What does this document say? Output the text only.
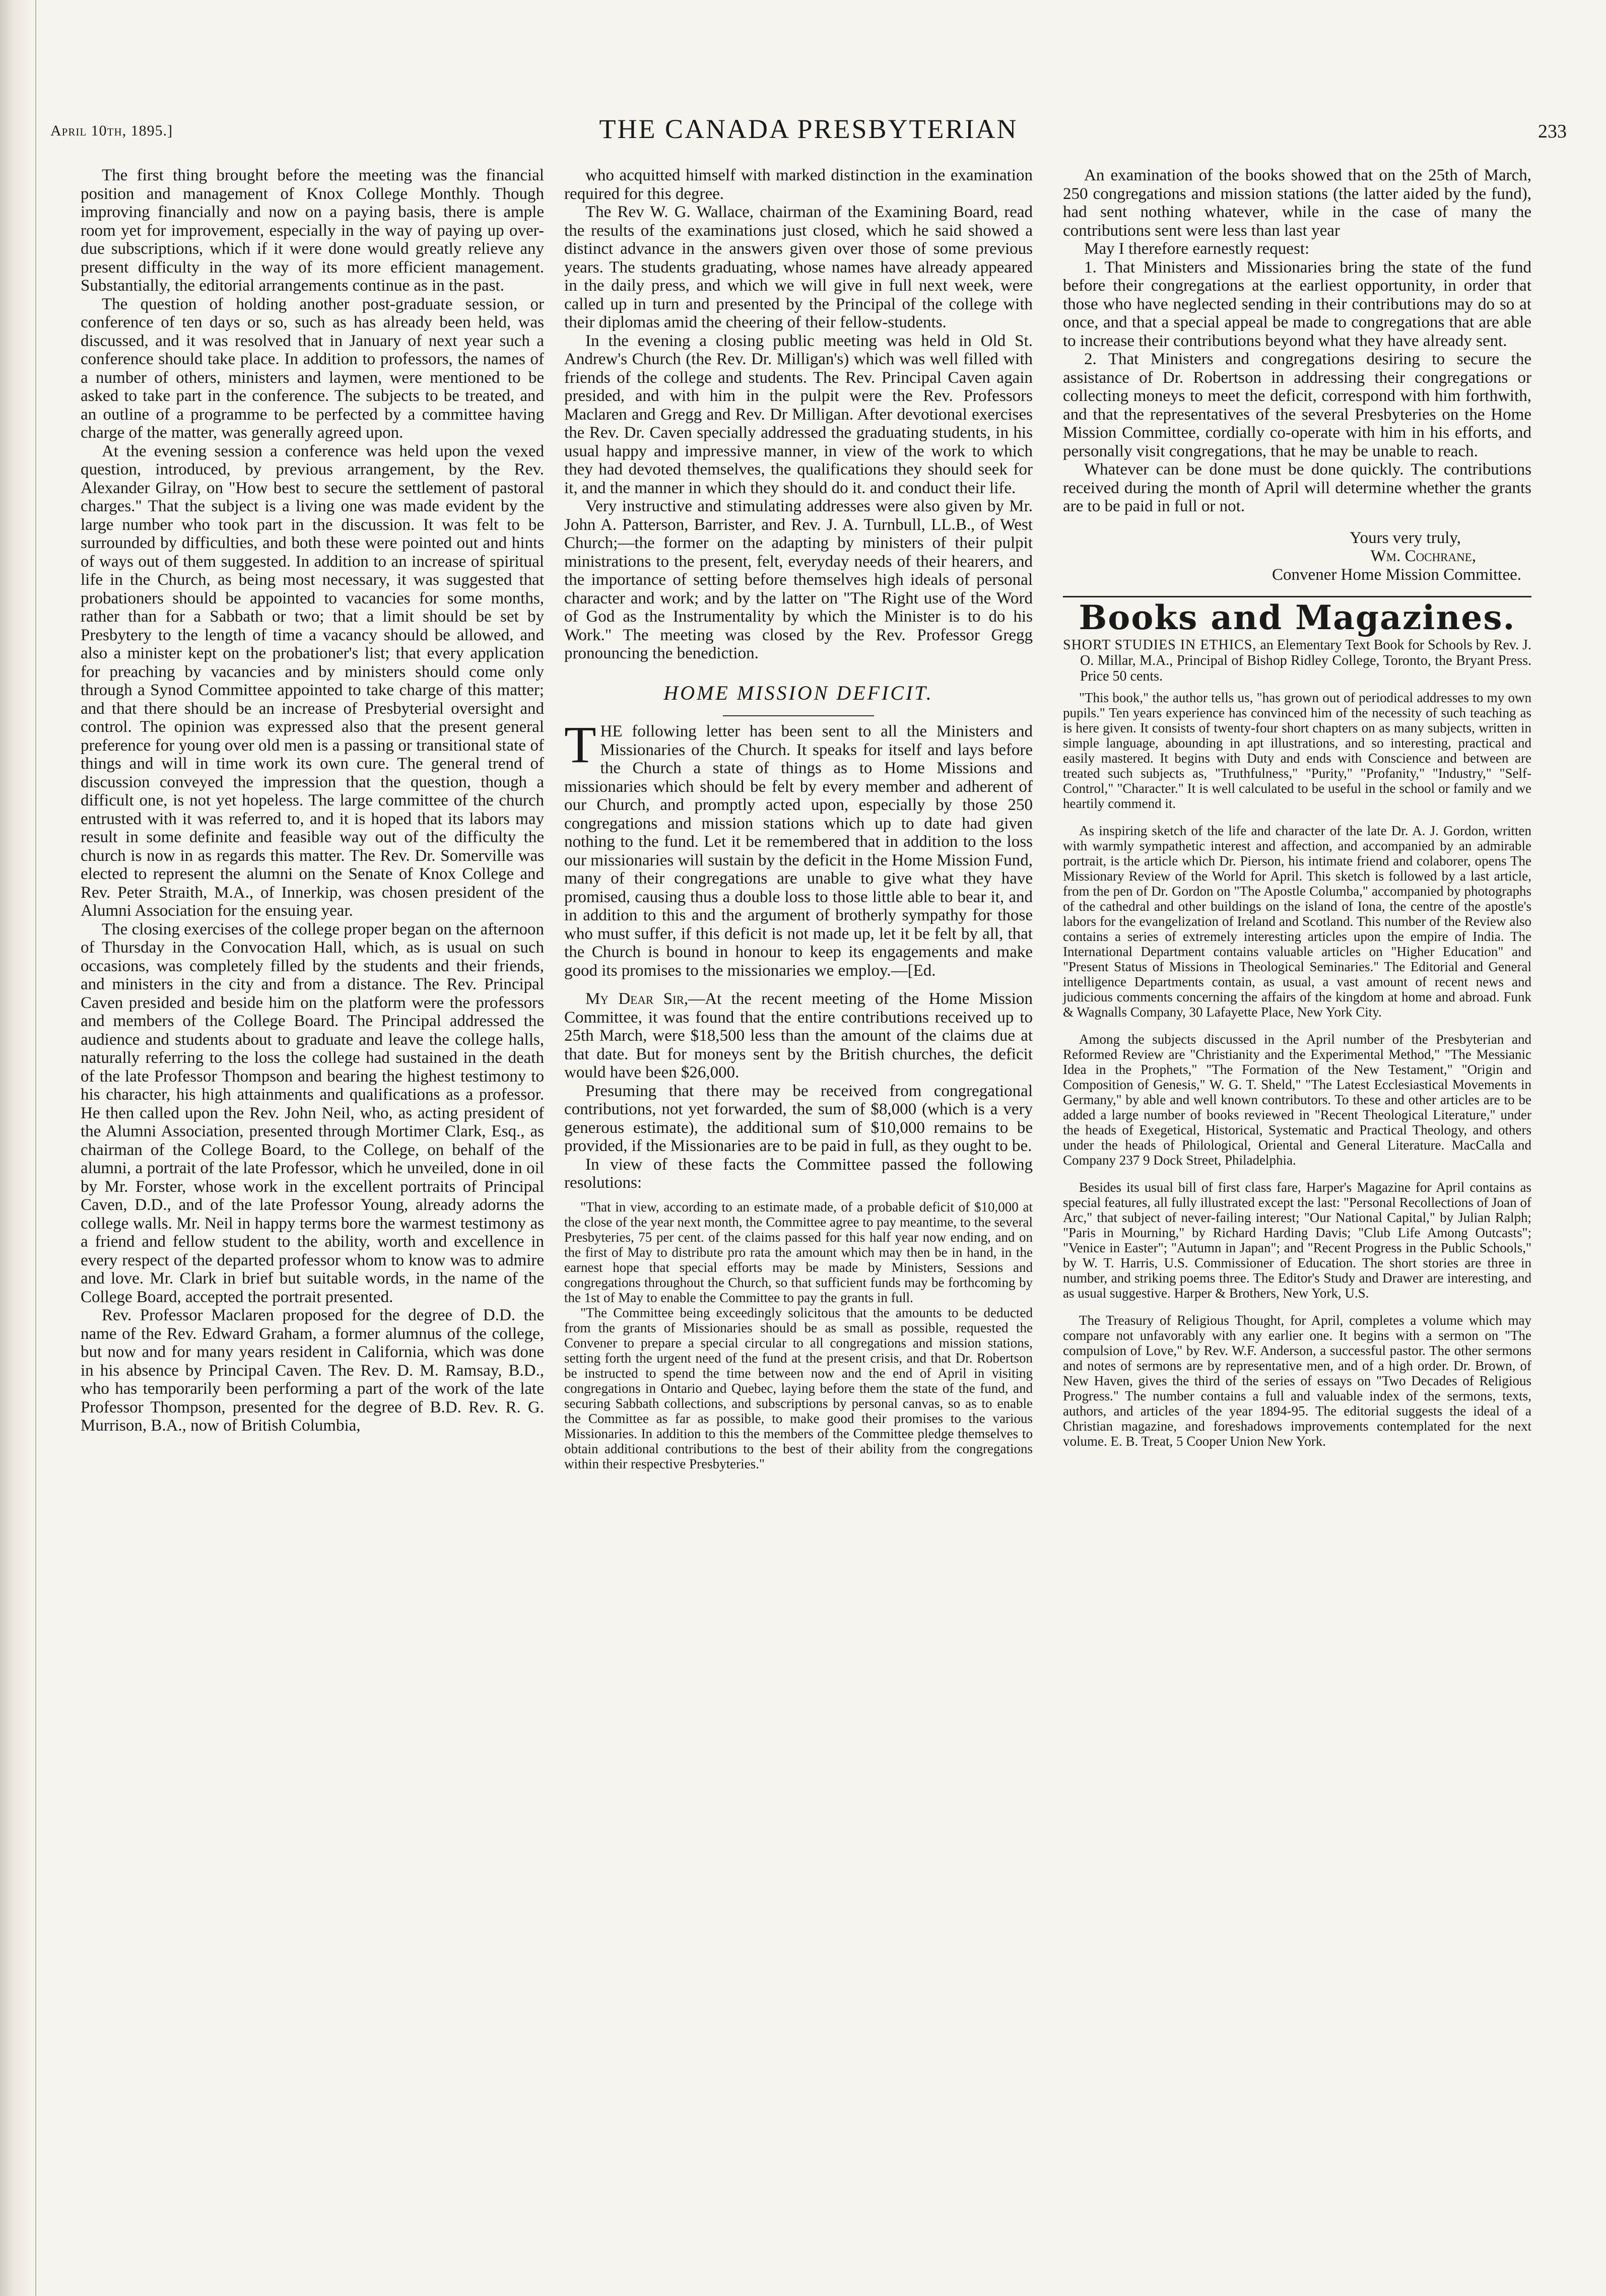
April 10th, 1895.]	THE CANADA PRESBYTERIAN	233

The first thing brought before the meeting was the financial position and management of Knox College Monthly. Though improving financially and now on a paying basis, there is ample room yet for improvement, especially in the way of paying up over-due subscriptions, which if it were done would greatly relieve any present difficulty in the way of its more efficient management. Substantially, the editorial arrangements continue as in the past.

The question of holding another post-graduate session, or conference of ten days or so, such as has already been held, was discussed, and it was resolved that in January of next year such a conference should take place. In addition to professors, the names of a number of others, ministers and laymen, were mentioned to be asked to take part in the conference. The subjects to be treated, and an outline of a programme to be perfected by a committee having charge of the matter, was generally agreed upon.

At the evening session a conference was held upon the vexed question, introduced, by previous arrangement, by the Rev. Alexander Gilray, on "How best to secure the settlement of pastoral charges." That the subject is a living one was made evident by the large number who took part in the discussion. It was felt to be surrounded by difficulties, and both these were pointed out and hints of ways out of them suggested. In addition to an increase of spiritual life in the Church, as being most necessary, it was suggested that probationers should be appointed to vacancies for some months, rather than for a Sabbath or two; that a limit should be set by Presbytery to the length of time a vacancy should be allowed, and also a minister kept on the probationer's list; that every application for preaching by vacancies and by ministers should come only through a Synod Committee appointed to take charge of this matter; and that there should be an increase of Presbyterial oversight and control. The opinion was expressed also that the present general preference for young over old men is a passing or transitional state of things and will in time work its own cure. The general trend of discussion conveyed the impression that the question, though a difficult one, is not yet hopeless. The large committee of the church entrusted with it was referred to, and it is hoped that its labors may result in some definite and feasible way out of the difficulty the church is now in as regards this matter. The Rev. Dr. Somerville was elected to represent the alumni on the Senate of Knox College and Rev. Peter Straith, M.A., of Innerkip, was chosen president of the Alumni Association for the ensuing year.

The closing exercises of the college proper began on the afternoon of Thursday in the Convocation Hall, which, as is usual on such occasions, was completely filled by the students and their friends, and ministers in the city and from a distance. The Rev. Principal Caven presided and beside him on the platform were the professors and members of the College Board. The Principal addressed the audience and students about to graduate and leave the college halls, naturally referring to the loss the college had sustained in the death of the late Professor Thompson and bearing the highest testimony to his character, his high attainments and qualifications as a professor. He then called upon the Rev. John Neil, who, as acting president of the Alumni Association, presented through Mortimer Clark, Esq., as chairman of the College Board, to the College, on behalf of the alumni, a portrait of the late Professor, which he unveiled, done in oil by Mr. Forster, whose work in the excellent portraits of Principal Caven, D.D., and of the late Professor Young, already adorns the college walls. Mr. Neil in happy terms bore the warmest testimony as a friend and fellow student to the ability, worth and excellence in every respect of the departed professor whom to know was to admire and love. Mr. Clark in brief but suitable words, in the name of the College Board, accepted the portrait presented.

Rev. Professor Maclaren proposed for the degree of D.D. the name of the Rev. Edward Graham, a former alumnus of the college, but now and for many years resident in California, which was done in his absence by Principal Caven. The Rev. D. M. Ramsay, B.D., who has temporarily been performing a part of the work of the late Professor Thompson, presented for the degree of B.D. Rev. R. G. Murrison, B.A., now of British Columbia,

who acquitted himself with marked distinction in the examination required for this degree.

The Rev W. G. Wallace, chairman of the Examining Board, read the results of the examinations just closed, which he said showed a distinct advance in the answers given over those of some previous years. The students graduating, whose names have already appeared in the daily press, and which we will give in full next week, were called up in turn and presented by the Principal of the college with their diplomas amid the cheering of their fellow-students.

In the evening a closing public meeting was held in Old St. Andrew's Church (the Rev. Dr. Milligan's) which was well filled with friends of the college and students. The Rev. Principal Caven again presided, and with him in the pulpit were the Rev. Professors Maclaren and Gregg and Rev. Dr Milligan. After devotional exercises the Rev. Dr. Caven specially addressed the graduating students, in his usual happy and impressive manner, in view of the work to which they had devoted themselves, the qualifications they should seek for it, and the manner in which they should do it. and conduct their life.

Very instructive and stimulating addresses were also given by Mr. John A. Patterson, Barrister, and Rev. J. A. Turnbull, LL.B., of West Church;—the former on the adapting by ministers of their pulpit ministrations to the present, felt, everyday needs of their hearers, and the importance of setting before themselves high ideals of personal character and work; and by the latter on "The Right use of the Word of God as the Instrumentality by which the Minister is to do his Work." The meeting was closed by the Rev. Professor Gregg pronouncing the benediction.

HOME MISSION DEFICIT.

THE following letter has been sent to all the Ministers and Missionaries of the Church. It speaks for itself and lays before the Church a state of things as to Home Missions and missionaries which should be felt by every member and adherent of our Church, and promptly acted upon, especially by those 250 congregations and mission stations which up to date had given nothing to the fund. Let it be remembered that in addition to the loss our missionaries will sustain by the deficit in the Home Mission Fund, many of their congregations are unable to give what they have promised, causing thus a double loss to those little able to bear it, and in addition to this and the argument of brotherly sympathy for those who must suffer, if this deficit is not made up, let it be felt by all, that the Church is bound in honour to keep its engagements and make good its promises to the missionaries we employ.—[Ed.

My Dear Sir,—At the recent meeting of the Home Mission Committee, it was found that the entire contributions received up to 25th March, were $18,500 less than the amount of the claims due at that date. But for moneys sent by the British churches, the deficit would have been $26,000.

Presuming that there may be received from congregational contributions, not yet forwarded, the sum of $8,000 (which is a very generous estimate), the additional sum of $10,000 remains to be provided, if the Missionaries are to be paid in full, as they ought to be.

In view of these facts the Committee passed the following resolutions:

"That in view, according to an estimate made, of a probable deficit of $10,000 at the close of the year next month, the Committee agree to pay meantime, to the several Presbyteries, 75 per cent. of the claims passed for this half year now ending, and on the first of May to distribute pro rata the amount which may then be in hand, in the earnest hope that special efforts may be made by Ministers, Sessions and congregations throughout the Church, so that sufficient funds may be forthcoming by the 1st of May to enable the Committee to pay the grants in full.

"The Committee being exceedingly solicitous that the amounts to be deducted from the grants of Missionaries should be as small as possible, requested the Convener to prepare a special circular to all congregations and mission stations, setting forth the urgent need of the fund at the present crisis, and that Dr. Robertson be instructed to spend the time between now and the end of April in visiting congregations in Ontario and Quebec, laying before them the state of the fund, and securing Sabbath collections, and subscriptions by personal canvas, so as to enable the Committee as far as possible, to make good their promises to the various Missionaries. In addition to this the members of the Committee pledge themselves to obtain additional contributions to the best of their ability from the congregations within their respective Presbyteries."

An examination of the books showed that on the 25th of March, 250 congregations and mission stations (the latter aided by the fund), had sent nothing whatever, while in the case of many the contributions sent were less than last year

May I therefore earnestly request:

1. That Ministers and Missionaries bring the state of the fund before their congregations at the earliest opportunity, in order that those who have neglected sending in their contributions may do so at once, and that a special appeal be made to congregations that are able to increase their contributions beyond what they have already sent.

2. That Ministers and congregations desiring to secure the assistance of Dr. Robertson in addressing their congregations or collecting moneys to meet the deficit, correspond with him forthwith, and that the representatives of the several Presbyteries on the Home Mission Committee, cordially co-operate with him in his efforts, and personally visit congregations, that he may be unable to reach.

Whatever can be done must be done quickly. The contributions received during the month of April will determine whether the grants are to be paid in full or not.

Yours very truly,
Wm. Cochrane,
Convener Home Mission Committee.
Books and Magazines.
SHORT STUDIES IN ETHICS, an Elementary Text Book for Schools by Rev. J. O. Millar, M.A., Principal of Bishop Ridley College, Toronto, the Bryant Press. Price 50 cents.

"This book," the author tells us, "has grown out of periodical addresses to my own pupils." Ten years experience has convinced him of the necessity of such teaching as is here given. It consists of twenty-four short chapters on as many subjects, written in simple language, abounding in apt illustrations, and so interesting, practical and easily mastered. It begins with Duty and ends with Conscience and between are treated such subjects as, "Truthfulness," "Purity," "Profanity," "Industry," "Self-Control," "Character." It is well calculated to be useful in the school or family and we heartily commend it.

As inspiring sketch of the life and character of the late Dr. A. J. Gordon, written with warmly sympathetic interest and affection, and accompanied by an admirable portrait, is the article which Dr. Pierson, his intimate friend and colaborer, opens The Missionary Review of the World for April. This sketch is followed by a last article, from the pen of Dr. Gordon on "The Apostle Columba," accompanied by photographs of the cathedral and other buildings on the island of Iona, the centre of the apostle's labors for the evangelization of Ireland and Scotland. This number of the Review also contains a series of extremely interesting articles upon the empire of India. The International Department contains valuable articles on "Higher Education" and "Present Status of Missions in Theological Seminaries." The Editorial and General intelligence Departments contain, as usual, a vast amount of recent news and judicious comments concerning the affairs of the kingdom at home and abroad. Funk & Wagnalls Company, 30 Lafayette Place, New York City.

Among the subjects discussed in the April number of the Presbyterian and Reformed Review are "Christianity and the Experimental Method," "The Messianic Idea in the Prophets," "The Formation of the New Testament," "Origin and Composition of Genesis," W. G. T. Sheld," "The Latest Ecclesiastical Movements in Germany," by able and well known contributors. To these and other articles are to be added a large number of books reviewed in "Recent Theological Literature," under the heads of Exegetical, Historical, Systematic and Practical Theology, and others under the heads of Philological, Oriental and General Literature. MacCalla and Company 237 9 Dock Street, Philadelphia.

Besides its usual bill of first class fare, Harper's Magazine for April contains as special features, all fully illustrated except the last: "Personal Recollections of Joan of Arc," that subject of never-failing interest; "Our National Capital," by Julian Ralph; "Paris in Mourning," by Richard Harding Davis; "Club Life Among Outcasts"; "Venice in Easter"; "Autumn in Japan"; and "Recent Progress in the Public Schools," by W. T. Harris, U.S. Commissioner of Education. The short stories are three in number, and striking poems three. The Editor's Study and Drawer are interesting, and as usual suggestive. Harper & Brothers, New York, U.S.

The Treasury of Religious Thought, for April, completes a volume which may compare not unfavorably with any earlier one. It begins with a sermon on "The compulsion of Love," by Rev. W.F. Anderson, a successful pastor. The other sermons and notes of sermons are by representative men, and of a high order. Dr. Brown, of New Haven, gives the third of the series of essays on "Two Decades of Religious Progress." The number contains a full and valuable index of the sermons, texts, authors, and articles of the year 1894-95. The editorial suggests the ideal of a Christian magazine, and foreshadows improvements contemplated for the next volume. E. B. Treat, 5 Cooper Union New York.
